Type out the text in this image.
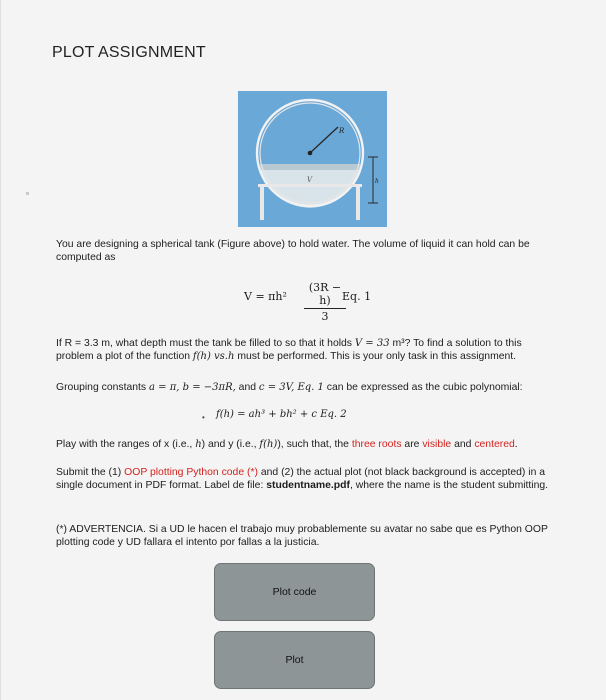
PLOT ASSIGNMENT
V
R
h
You are designing a spherical tank (Figure above) to hold water. The volume of liquid it can hold can be computed as
$V = \pi h^2 \frac{(3R - h)}{3}$
Eq. 1
If R = 3.3 m, what depth must the tank be filled to so that it holds V = 33 m³? To find a solution to this problem a plot of the function f(h) vs.h must be performed. This is your only task in this assignment.
Grouping constants a = π, b = −3πR, and c = 3V, Eq. 1 can be expressed as the cubic polynomial:
• f(h) = ah³ + bh² + c Eq. 2
Play with the ranges of x (i.e., h) and y (i.e., f(h)), such that, the three roots are visible and centered.
Submit the (1) OOP plotting Python code (*) and (2) the actual plot (not black background is accepted) in a single document in PDF format. Label de file: studentname.pdf, where the name is the student submitting.
(*) ADVERTENCIA. Si a UD le hacen el trabajo muy probablemente su avatar no sabe que es Python OOP plotting code y UD fallara el intento por fallas a la justicia.
Plot code
Plot
